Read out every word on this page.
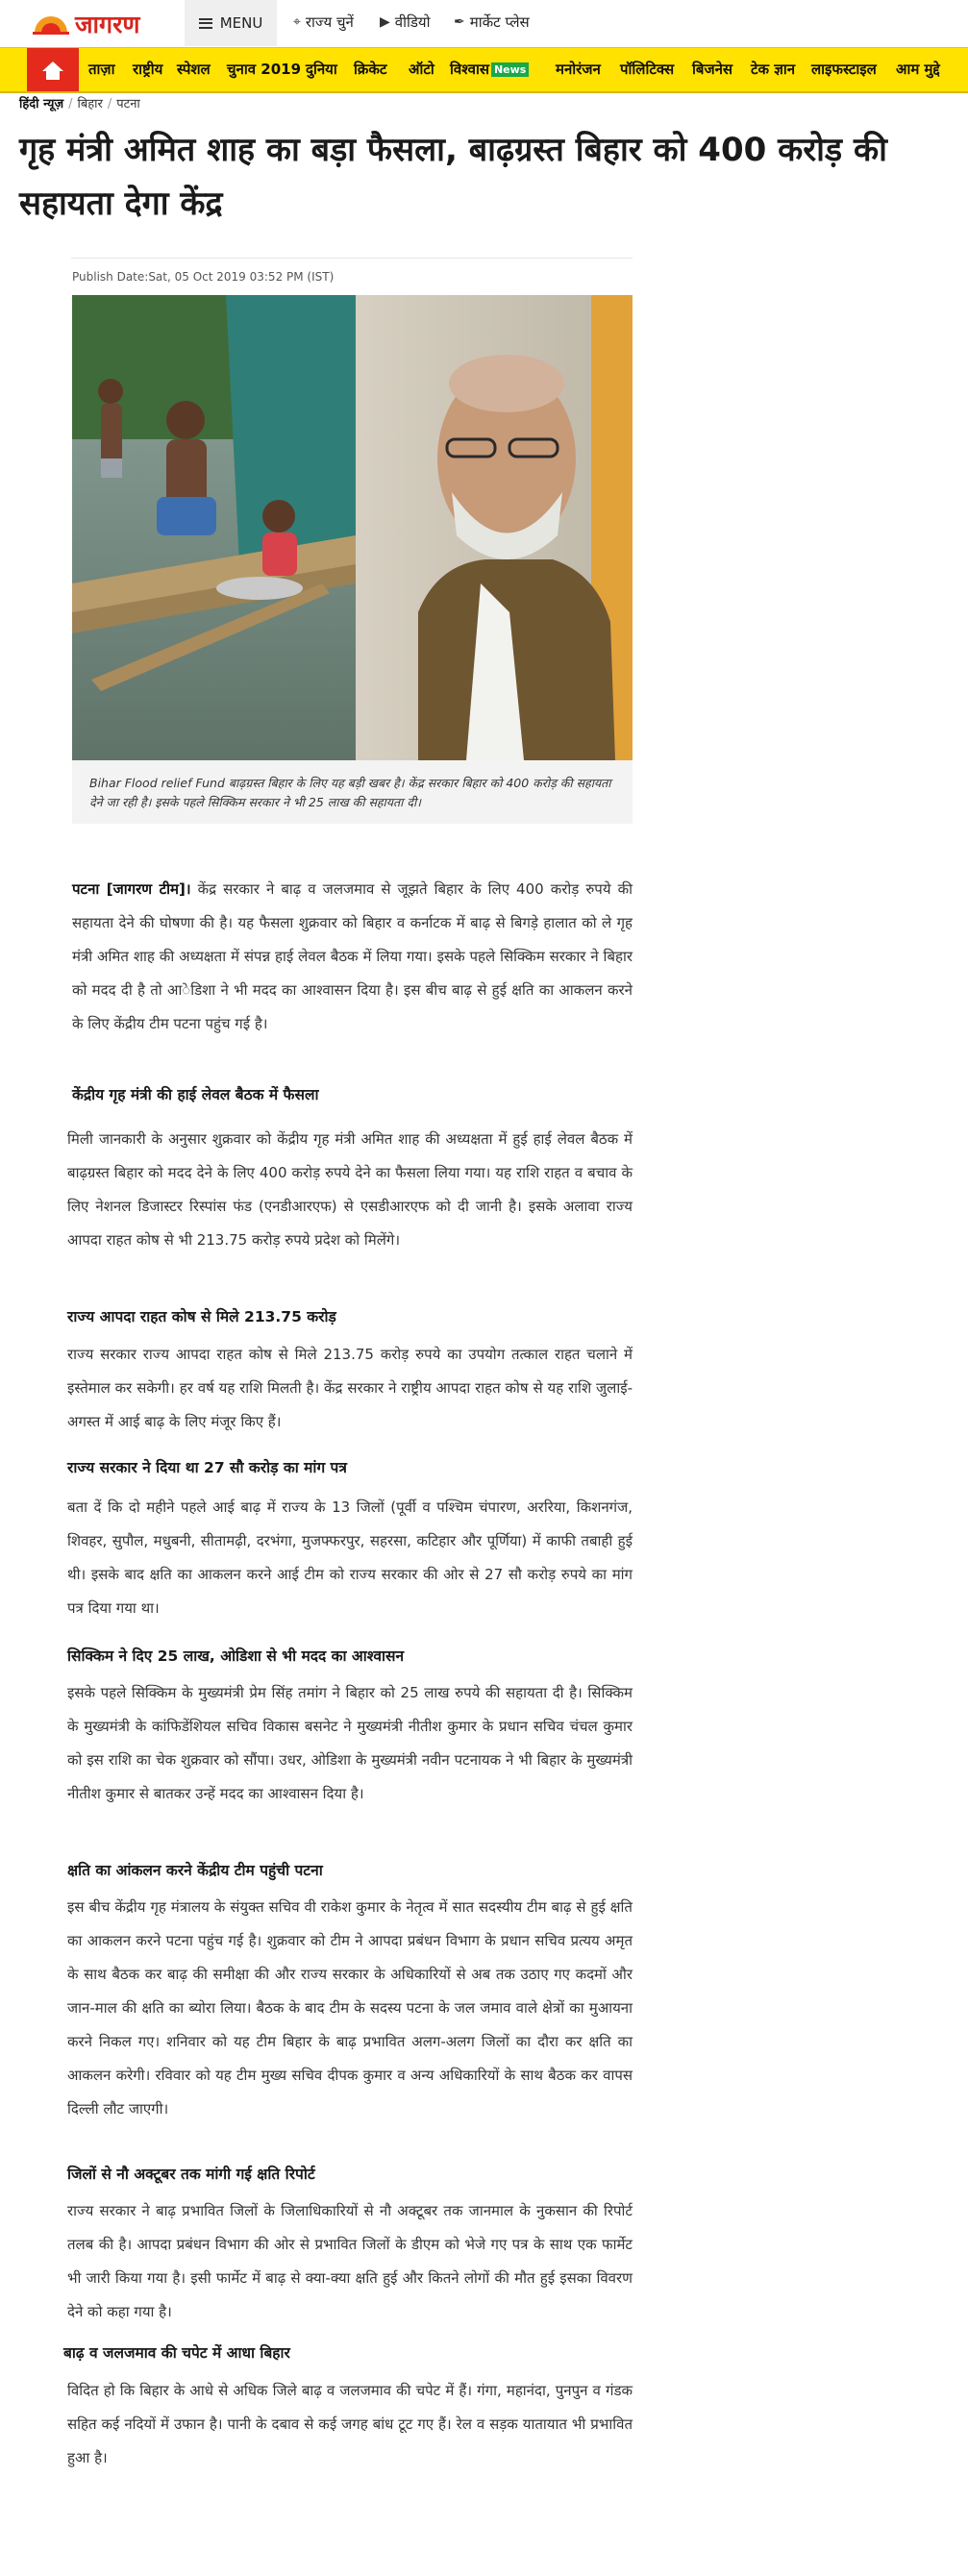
जागरण	MENU ⌖ राज्य चुनें ▶ वीडियो ✒ मार्केट प्लेस
ताज़ा राष्ट्रीय स्पेशल चुनाव 2019 दुनिया क्रिकेट ऑटो विश्वास News मनोरंजन पॉलिटिक्स बिजनेस टेक ज्ञान लाइफस्टाइल आम मुद्दे
हिंदी न्यूज़ / बिहार / पटना
गृह मंत्री अमित शाह का बड़ा फैसला, बाढ़ग्रस्त बिहार को 400 करोड़ की सहायता देगा केंद्र
Publish Date:Sat, 05 Oct 2019 03:52 PM (IST)
Bihar Flood relief Fund बाढ़ग्रस्त बिहार के लिए यह बड़ी खबर है। केंद्र सरकार बिहार को 400 करोड़ की सहायता देने जा रही है। इसके पहले सिक्किम सरकार ने भी 25 लाख की सहायता दी।

पटना [जागरण टीम]। केंद्र सरकार ने बाढ़ व जलजमाव से जूझते बिहार के लिए 400 करोड़ रुपये की सहायता देने की घोषणा की है। यह फैसला शुक्रवार को बिहार व कर्नाटक में बाढ़ से बिगड़े हालात को ले गृह मंत्री अमित शाह की अध्यक्षता में संपन्न हाई लेवल बैठक में लिया गया। इसके पहले सिक्किम सरकार ने बिहार को मदद दी है तो आेडिशा ने भी मदद का आश्वासन दिया है। इस बीच बाढ़ से हुई क्षति का आकलन करने के लिए केंद्रीय टीम पटना पहुंच गई है।

केंद्रीय गृह मंत्री की हाई लेवल बैठक में फैसला

मिली जानकारी के अनुसार शुक्रवार को केंद्रीय गृह मंत्री अमित शाह की अध्यक्षता में हुई हाई लेवल बैठक में बाढ़ग्रस्त बिहार को मदद देने के लिए 400 करोड़ रुपये देने का फैसला लिया गया। यह राशि राहत व बचाव के लिए नेशनल डिजास्टर रिस्पांस फंड (एनडीआरएफ) से एसडीआरएफ को दी जानी है। इसके अलावा राज्य आपदा राहत कोष से भी 213.75 करोड़ रुपये प्रदेश को मिलेंगे।

राज्य आपदा राहत कोष से मिले 213.75 करोड़

राज्य सरकार राज्य आपदा राहत कोष से मिले 213.75 करोड़ रुपये का उपयोग तत्काल राहत चलाने में इस्तेमाल कर सकेगी। हर वर्ष यह राशि मिलती है। केंद्र सरकार ने राष्ट्रीय आपदा राहत कोष से यह राशि जुलाई-अगस्त में आई बाढ़ के लिए मंजूर किए हैं।

राज्य सरकार ने दिया था 27 सौ करोड़ का मांग पत्र

बता दें कि दो महीने पहले आई बाढ़ में राज्य के 13 जिलों (पूर्वी व पश्चिम चंपारण, अररिया, किशनगंज, शिवहर, सुपौल, मधुबनी, सीतामढ़ी, दरभंगा, मुजफ्फरपुर, सहरसा, कटिहार और पूर्णिया) में काफी तबाही हुई थी। इसके बाद क्षति का आकलन करने आई टीम को राज्य सरकार की ओर से 27 सौ करोड़ रुपये का मांग पत्र दिया गया था।

सिक्किम ने दिए 25 लाख, ओडिशा से भी मदद का आश्वासन

इसके पहले सिक्किम के मुख्यमंत्री प्रेम सिंह तमांग ने बिहार को 25 लाख रुपये की सहायता दी है। सिक्किम के मुख्यमंत्री के कांफिडेंशियल सचिव विकास बसनेट ने मुख्यमंत्री नीतीश कुमार के प्रधान सचिव चंचल कुमार को इस राशि का चेक शुक्रवार को सौंपा। उधर, ओडिशा के मुख्यमंत्री नवीन पटनायक ने भी बिहार के मुख्यमंत्री नीतीश कुमार से बातकर उन्हें मदद का आश्वासन दिया है।

क्षति का आंकलन करने केंद्रीय टीम पहुंची पटना

इस बीच केंद्रीय गृह मंत्रालय के संयुक्त सचिव वी राकेश कुमार के नेतृत्व में सात सदस्यीय टीम बाढ़ से हुई क्षति का आकलन करने पटना पहुंच गई है। शुक्रवार को टीम ने आपदा प्रबंधन विभाग के प्रधान सचिव प्रत्यय अमृत के साथ बैठक कर बाढ़ की समीक्षा की और राज्य सरकार के अधिकारियों से अब तक उठाए गए कदमों और जान-माल की क्षति का ब्योरा लिया। बैठक के बाद टीम के सदस्य पटना के जल जमाव वाले क्षेत्रों का मुआयना करने निकल गए। शनिवार को यह टीम बिहार के बाढ़ प्रभावित अलग-अलग जिलों का दौरा कर क्षति का आकलन करेगी। रविवार को यह टीम मुख्य सचिव दीपक कुमार व अन्य अधिकारियों के साथ बैठक कर वापस दिल्ली लौट जाएगी।

जिलों से नौ अक्टूबर तक मांगी गई क्षति रिपोर्ट

राज्य सरकार ने बाढ़ प्रभावित जिलों के जिलाधिकारियों से नौ अक्टूबर तक जानमाल के नुकसान की रिपोर्ट तलब की है। आपदा प्रबंधन विभाग की ओर से प्रभावित जिलों के डीएम को भेजे गए पत्र के साथ एक फार्मेट भी जारी किया गया है। इसी फार्मेट में बाढ़ से क्या-क्या क्षति हुई और कितने लोगों की मौत हुई इसका विवरण देने को कहा गया है।

बाढ़ व जलजमाव की चपेट में आधा बिहार

विदित हो कि बिहार के आधे से अधिक जिले बाढ़ व जलजमाव की चपेट में हैं। गंगा, महानंदा, पुनपुन व गंडक सहित कई नदियों में उफान है। पानी के दबाव से कई जगह बांध टूट गए हैं। रेल व सड़क यातायात भी प्रभावित हुआ है।
